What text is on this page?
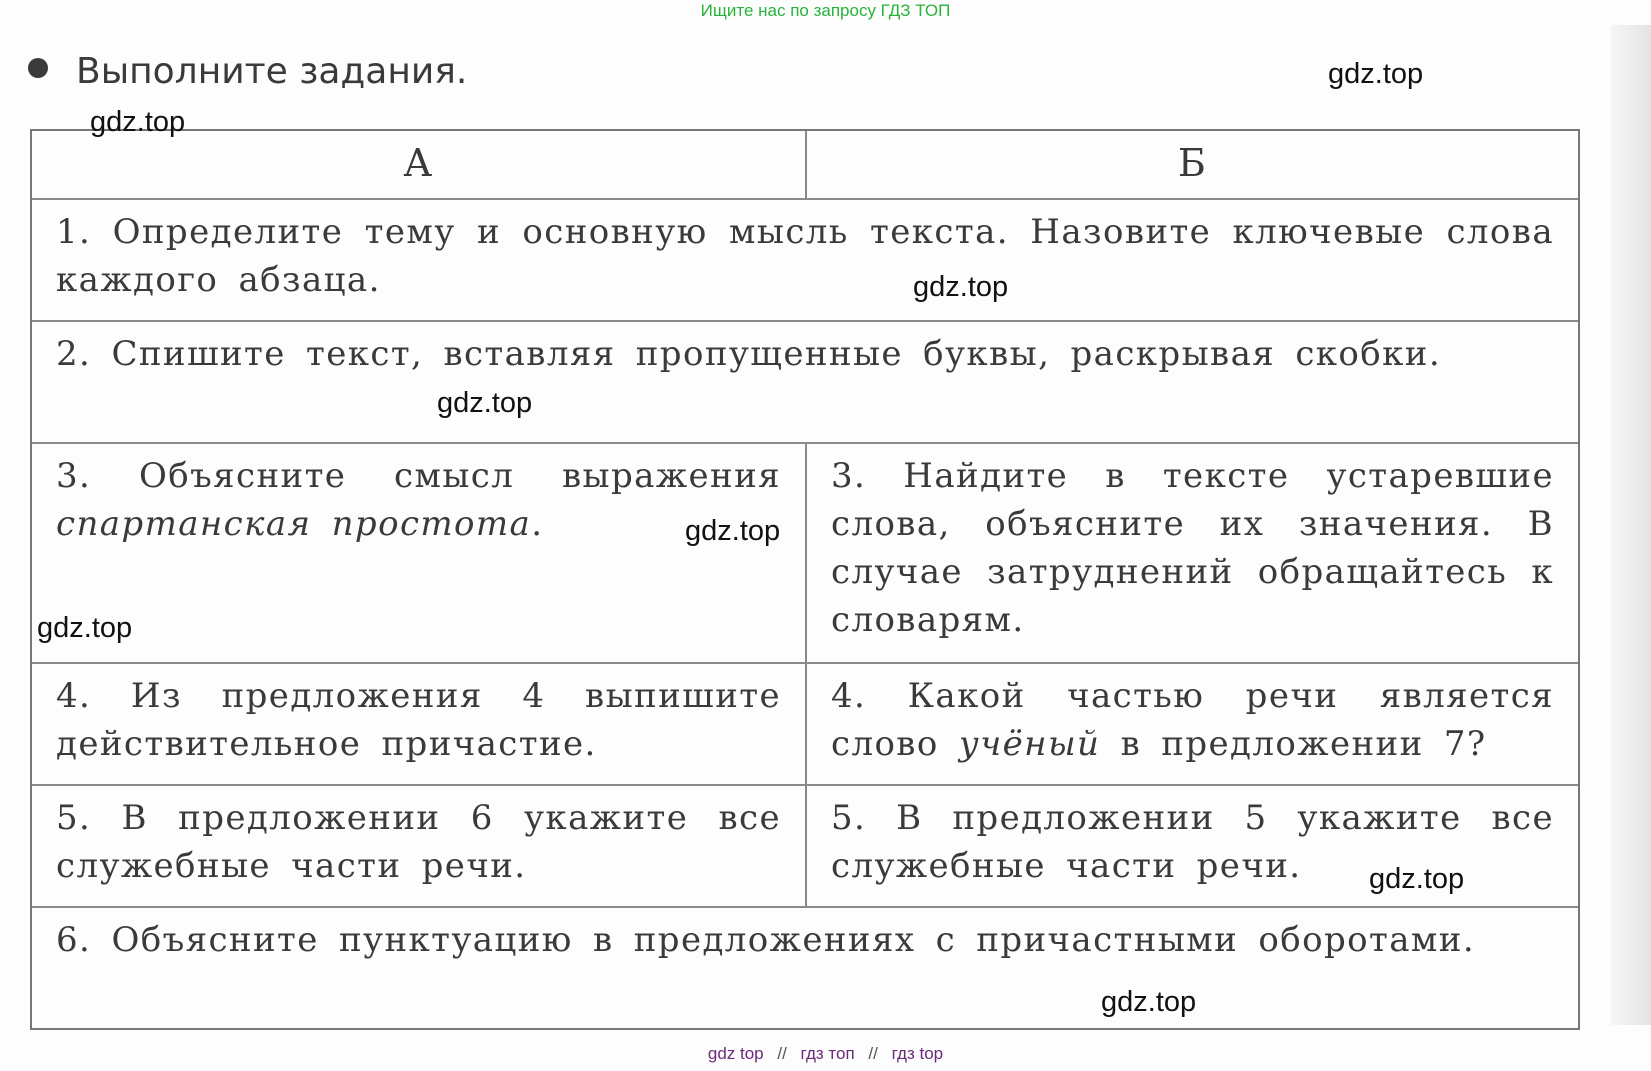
Ищите нас по запросу ГДЗ ТОП
Выполните задания.
А	Б
1. Определите тему и основную мысль текста. Назовите ключевые слова каждого абзаца.
2. Спишите текст, вставляя пропущенные буквы, раскрывая скобки.
3. Объясните смысл выражения спартанская простота.
3. Найдите в тексте устаревшие слова, объясните их значения. В случае затруднений обращайтесь к словарям.
4. Из предложения 4 выпишите действительное причастие.
4. Какой частью речи является слово учёный в предложении 7?
5. В предложении 6 укажите все служебные части речи.
5. В предложении 5 укажите все служебные части речи.
6. Объясните пунктуацию в предложениях с причастными оборотами.
gdz.top
gdz.top
gdz.top
gdz.top
gdz.top
gdz.top
gdz.top
gdz.top
gdz top // гдз топ // гдз top
